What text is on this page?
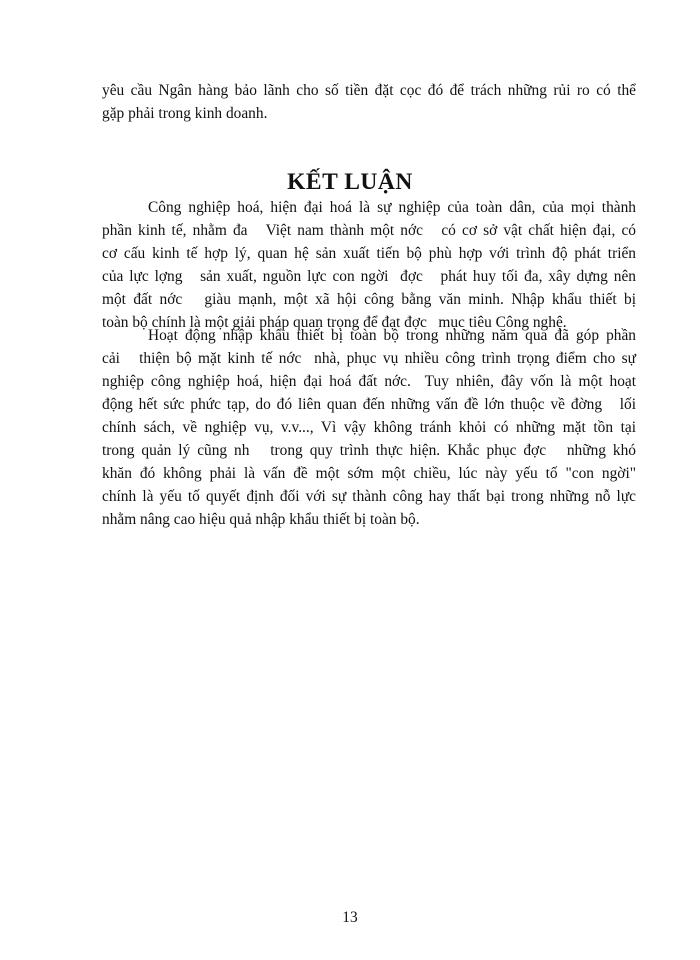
yêu cầu Ngân hàng bảo lãnh cho số tiền đặt cọc đó để trách những rủi ro có thể

gặp phải trong kinh doanh.

KẾT LUẬN

Công nghiệp hoá, hiện đại hoá là sự nghiệp của toàn dân, của mọi thành

phần kinh tế, nhằm đa   Việt nam thành một nớc   có cơ sở vật chất hiện đại, có

cơ cấu kinh tế hợp lý, quan hệ sản xuất tiến bộ phù hợp với trình độ phát triển

của lực lợng   sản xuất, nguồn lực con ngời  đợc   phát huy tối đa, xây dựng nên

một đất nớc   giàu mạnh, một xã hội công bằng văn minh. Nhập khẩu thiết bị

toàn bộ chính là một giải pháp quan trọng để đạt đợc   mục tiêu Công nghệ.

Hoạt động nhập khẩu thiết bị toàn bộ trong những năm qua đã góp phần

cải   thiện bộ mặt kinh tế nớc  nhà, phục vụ nhiều công trình trọng điểm cho sự

nghiệp công nghiệp hoá, hiện đại hoá đất nớc.  Tuy nhiên, đây vốn là một hoạt

động hết sức phức tạp, do đó liên quan đến những vấn đề lớn thuộc về đờng   lối

chính sách, về nghiệp vụ, v.v..., Vì vậy không tránh khỏi có những mặt tồn tại

trong quản lý cũng nh   trong quy trình thực hiện. Khắc phục đợc   những khó

khăn đó không phải là vấn đề một sớm một chiều, lúc này yếu tố "con ngời"

chính là yếu tố quyết định đối với sự thành công hay thất bại trong những nỗ lực

nhằm nâng cao hiệu quả nhập khẩu thiết bị toàn bộ.

13
